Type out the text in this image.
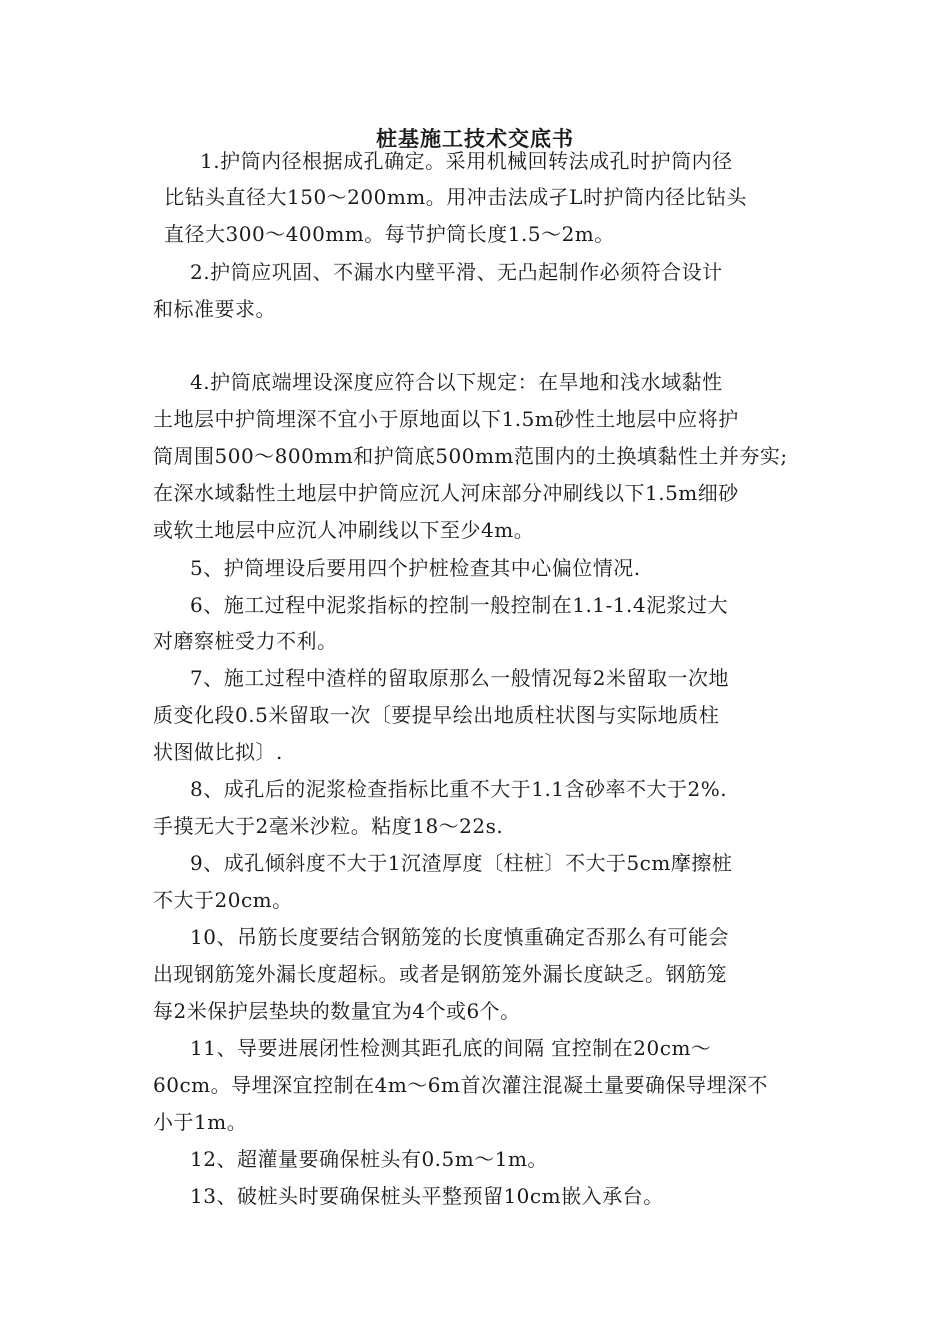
桩基施工技术交底书
1.护筒内径根据成孔确定。采用机械回转法成孔时护筒内径
比钻头直径大150～200mm。用冲击法成孑L时护筒内径比钻头
直径大300～400mm。每节护筒长度1.5～2m。
2.护筒应巩固、不漏水内壁平滑、无凸起制作必须符合设计
和标准要求。
4.护筒底端埋设深度应符合以下规定：在旱地和浅水域黏性
土地层中护筒埋深不宜小于原地面以下1.5m砂性土地层中应将护
筒周围500～800mm和护筒底500mm范围内的土换填黏性土并夯实;
在深水域黏性土地层中护筒应沉人河床部分冲刷线以下1.5m细砂
或软土地层中应沉人冲刷线以下至少4m。
5、护筒埋设后要用四个护桩检查其中心偏位情况.
6、施工过程中泥浆指标的控制一般控制在1.1-1.4泥浆过大
对磨察桩受力不利。
7、施工过程中渣样的留取原那么一般情况每2米留取一次地
质变化段0.5米留取一次〔要提早绘出地质柱状图与实际地质柱
状图做比拟〕.
8、成孔后的泥浆检查指标比重不大于1.1含砂率不大于2%.
手摸无大于2毫米沙粒。粘度18～22s.
9、成孔倾斜度不大于1沉渣厚度〔柱桩〕不大于5cm摩擦桩
不大于20cm。
10、吊筋长度要结合钢筋笼的长度慎重确定否那么有可能会
出现钢筋笼外漏长度超标。或者是钢筋笼外漏长度缺乏。钢筋笼
每2米保护层垫块的数量宜为4个或6个。
11、导要进展闭性检测其距孔底的间隔 宜控制在20cm～
60cm。导埋深宜控制在4m～6m首次灌注混凝土量要确保导埋深不
小于1m。
12、超灌量要确保桩头有0.5m～1m。
13、破桩头时要确保桩头平整预留10cm嵌入承台。
